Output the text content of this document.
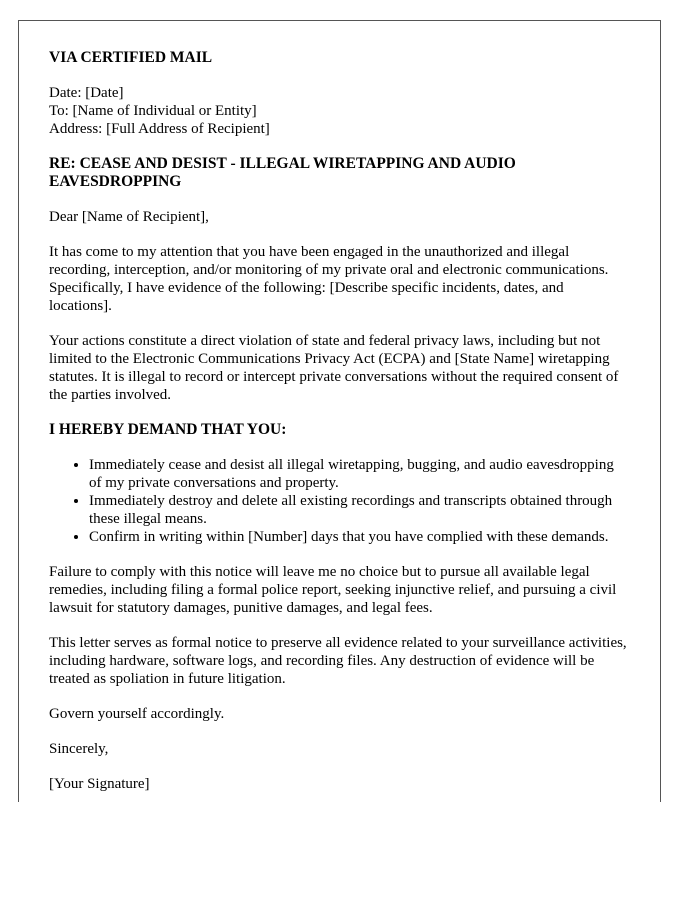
VIA CERTIFIED MAIL

Date: [Date]

To: [Name of Individual or Entity]

Address: [Full Address of Recipient]

RE: CEASE AND DESIST - ILLEGAL WIRETAPPING AND AUDIO EAVESDROPPING

Dear [Name of Recipient],

It has come to my attention that you have been engaged in the unauthorized and illegal recording, interception, and/or monitoring of my private oral and electronic communications. Specifically, I have evidence of the following: [Describe specific incidents, dates, and locations].

Your actions constitute a direct violation of state and federal privacy laws, including but not limited to the Electronic Communications Privacy Act (ECPA) and [State Name] wiretapping statutes. It is illegal to record or intercept private conversations without the required consent of the parties involved.

I HEREBY DEMAND THAT YOU:

• Immediately cease and desist all illegal wiretapping, bugging, and audio eavesdropping of my private conversations and property.
• Immediately destroy and delete all existing recordings and transcripts obtained through these illegal means.
• Confirm in writing within [Number] days that you have complied with these demands.

Failure to comply with this notice will leave me no choice but to pursue all available legal remedies, including filing a formal police report, seeking injunctive relief, and pursuing a civil lawsuit for statutory damages, punitive damages, and legal fees.

This letter serves as formal notice to preserve all evidence related to your surveillance activities, including hardware, software logs, and recording files. Any destruction of evidence will be treated as spoliation in future litigation.

Govern yourself accordingly.

Sincerely,

[Your Signature]
